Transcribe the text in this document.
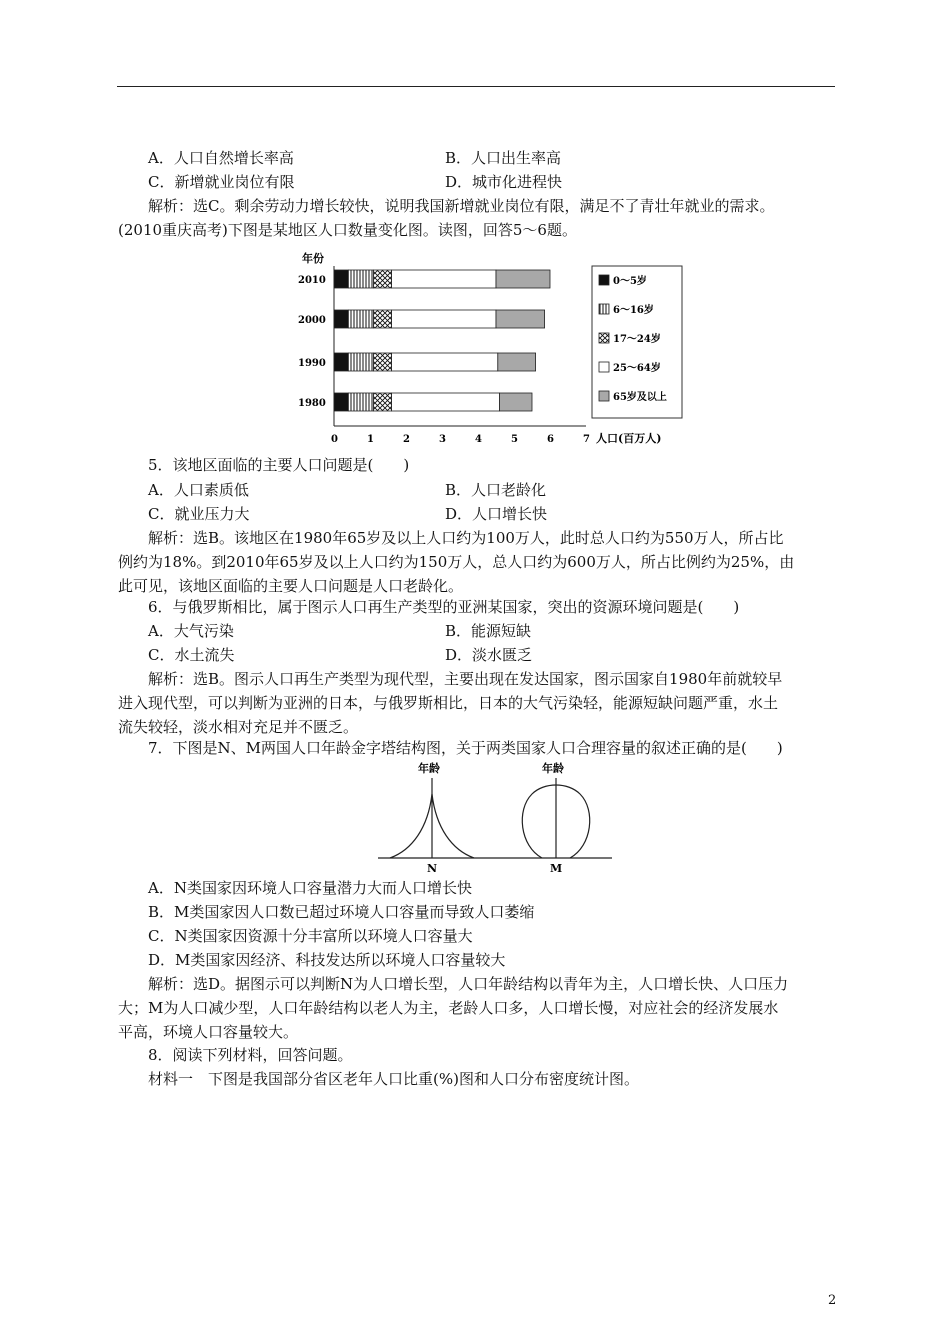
A．人口自然增长率高	B．人口出生率高
C．新增就业岗位有限	D．城市化进程快
解析：选C。剩余劳动力增长较快，说明我国新增就业岗位有限，满足不了青壮年就业的需求。
(2010重庆高考)下图是某地区人口数量变化图。读图，回答5～6题。
年份
2010
2000
1990
1980
0	1	2	3	4	5	6	7 人口(百万人)
0～5岁
6～16岁
17～24岁
25～64岁
65岁及以上
5．该地区面临的主要人口问题是(　　)
A．人口素质低	B．人口老龄化
C．就业压力大	D．人口增长快
解析：选B。该地区在1980年65岁及以上人口约为100万人，此时总人口约为550万人，所占比
例约为18%。到2010年65岁及以上人口约为150万人，总人口约为600万人，所占比例约为25%，由
此可见，该地区面临的主要人口问题是人口老龄化。
6．与俄罗斯相比，属于图示人口再生产类型的亚洲某国家，突出的资源环境问题是(　　)
A．大气污染	B．能源短缺
C．水土流失	D．淡水匮乏
解析：选B。图示人口再生产类型为现代型，主要出现在发达国家，图示国家自1980年前就较早
进入现代型，可以判断为亚洲的日本，与俄罗斯相比，日本的大气污染轻，能源短缺问题严重，水土
流失较轻，淡水相对充足并不匮乏。
7．下图是N、M两国人口年龄金字塔结构图，关于两类国家人口合理容量的叙述正确的是(　　)
年龄	年龄
N	M
A．N类国家因环境人口容量潜力大而人口增长快
B．M类国家因人口数已超过环境人口容量而导致人口萎缩
C．N类国家因资源十分丰富所以环境人口容量大
D．M类国家因经济、科技发达所以环境人口容量较大
解析：选D。据图示可以判断N为人口增长型，人口年龄结构以青年为主，人口增长快、人口压力
大；M为人口减少型，人口年龄结构以老人为主，老龄人口多，人口增长慢，对应社会的经济发展水
平高，环境人口容量较大。
8．阅读下列材料，回答问题。
材料一　下图是我国部分省区老年人口比重(%)图和人口分布密度统计图。
2
